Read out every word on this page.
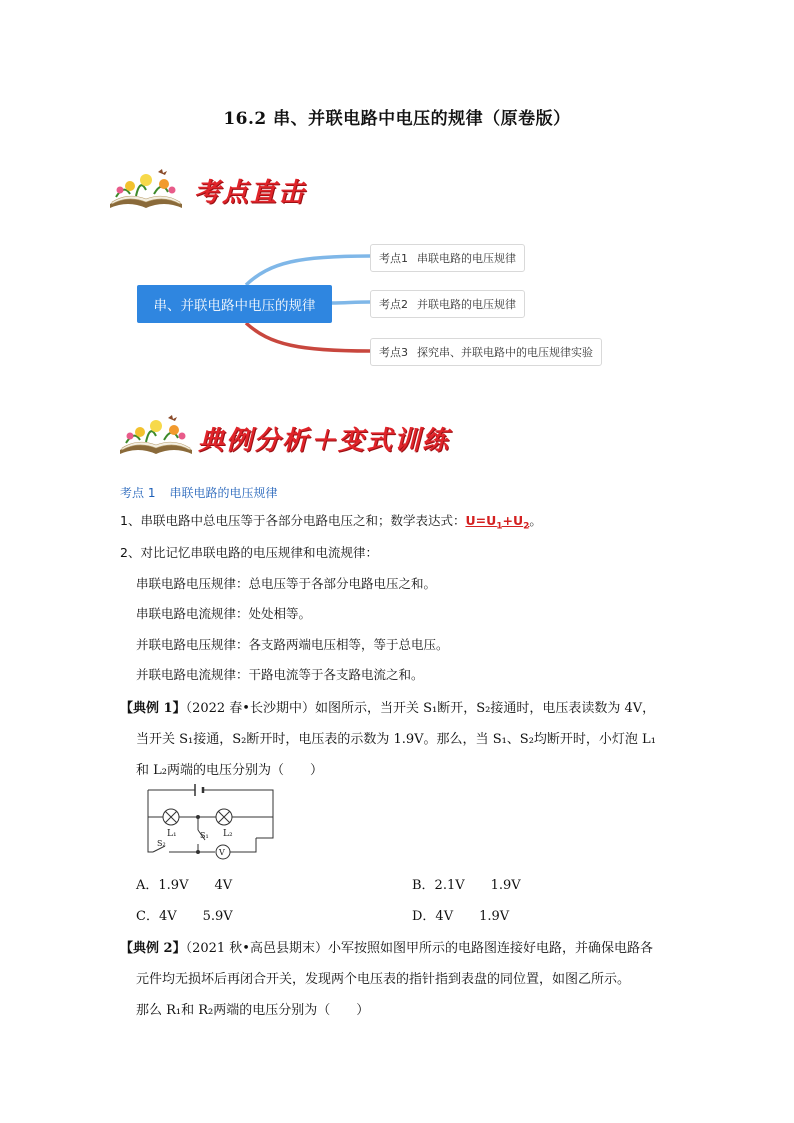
16.2 串、并联电路中电压的规律（原卷版）
考点直击
串、并联电路中电压的规律
考点1 串联电路的电压规律
考点2 并联电路的电压规律
考点3 探究串、并联电路中的电压规律实验
典例分析＋变式训练
考点 1 串联电路的电压规律
1、串联电路中总电压等于各部分电路电压之和；数学表达式：$U=U_1+U_2$。
2、对比记忆串联电路的电压规律和电流规律：
串联电路电压规律：总电压等于各部分电路电压之和。
串联电路电流规律：处处相等。
并联电路电压规律：各支路两端电压相等，等于总电压。
并联电路电流规律：干路电流等于各支路电流之和。
【典例 1】（2022 春•长沙期中）如图所示，当开关 S₁断开，S₂接通时，电压表读数为 4V，
当开关 S₁接通，S₂断开时，电压表的示数为 1.9V。那么，当 S₁、S₂均断开时，小灯泡 L₁
和 L₂两端的电压分别为（　　）
L₁	L₂
S₁
S₂
V
A．1.9V　　4V	B．2.1V　　1.9V
C．4V　　5.9V	D．4V　　1.9V
【典例 2】（2021 秋•高邑县期末）小军按照如图甲所示的电路图连接好电路，并确保电路各
元件均无损坏后再闭合开关，发现两个电压表的指针指到表盘的同位置，如图乙所示。
那么 R₁和 R₂两端的电压分别为（　　）
